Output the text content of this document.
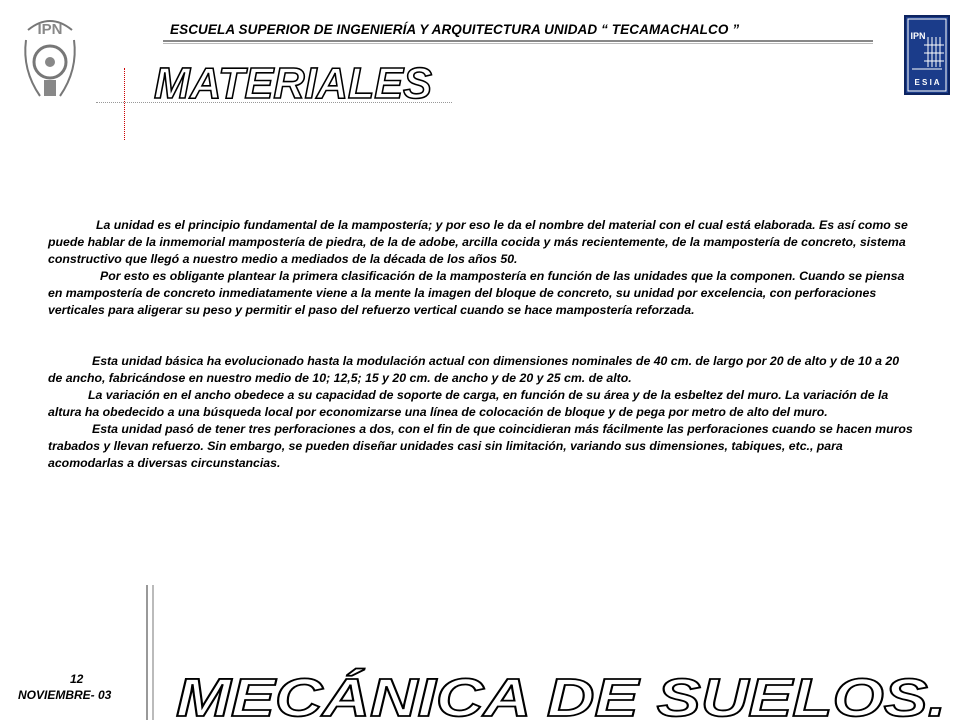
IPN	IPN
E S I A
ESCUELA SUPERIOR DE INGENIERÍA Y ARQUITECTURA UNIDAD “ TECAMACHALCO ”
MATERIALES

La unidad es el principio fundamental de la mampostería; y por eso le da el nombre del material con el cual está elaborada. Es así como se puede hablar de la inmemorial mampostería de piedra, de la de adobe, arcilla cocida y más recientemente, de la mampostería de concreto, sistema constructivo que llegó a nuestro medio a mediados de la década de los años 50.

Por esto es obligante plantear la primera clasificación de la mampostería en función de las unidades que la componen. Cuando se piensa en mampostería de concreto inmediatamente viene a la mente la imagen del bloque de concreto, su unidad por excelencia, con perforaciones verticales para aligerar su peso y permitir el paso del refuerzo vertical cuando se hace mampostería reforzada.

Esta unidad básica ha evolucionado hasta la modulación actual con dimensiones nominales de 40 cm. de largo por 20 de alto y de 10 a 20 de ancho, fabricándose en nuestro medio de 10; 12,5; 15 y 20 cm. de ancho y de 20 y 25 cm. de alto.

La variación en el ancho obedece a su capacidad de soporte de carga, en función de su área y de la esbeltez del muro. La variación de la altura ha obedecido a una búsqueda local por economizarse una línea de colocación de bloque y de pega por metro de alto del muro.

Esta unidad pasó de tener tres perforaciones a dos, con el fin de que coincidieran más fácilmente las perforaciones cuando se hacen muros trabados y llevan refuerzo. Sin embargo, se pueden diseñar unidades casi sin limitación, variando sus dimensiones, tabiques, etc., para acomodarlas a diversas circunstancias.

12
NOVIEMBRE- 03 MECÁNICA DE SUELOS.
